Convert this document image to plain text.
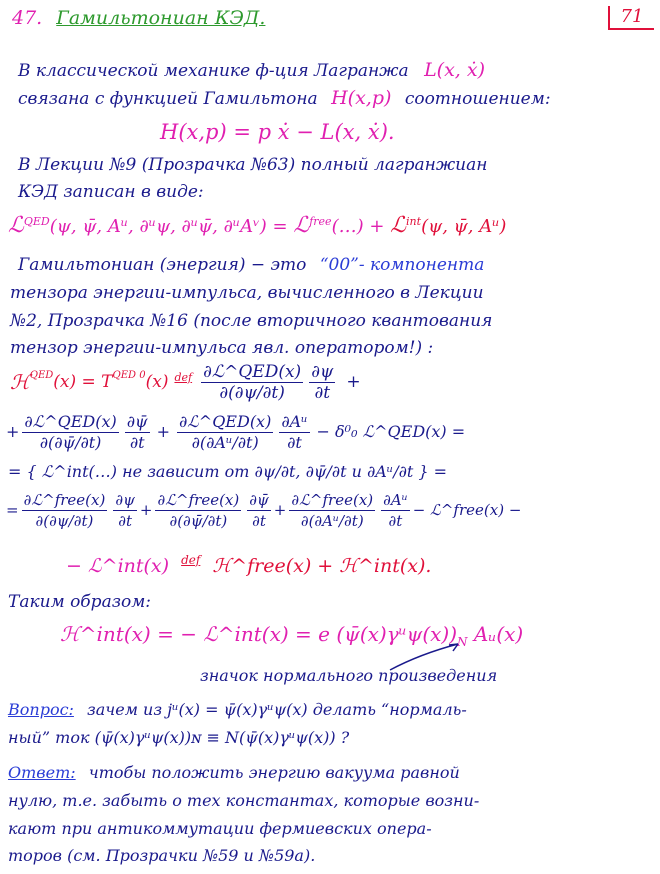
47. Гамильтониан КЭД.	71
В классической механике ф-ция Лагранжа L(x, ẋ)
связана с функцией Гамильтона H(x,p) соотношением:
H(x,p) = p ẋ − L(x, ẋ).
В Лекции №9 (Прозрачка №63) полный лагранжиан
КЭД записан в виде:
ℒ$^{QED}$(ψ, ψ̄, Aᵘ, ∂ᵘψ, ∂ᵘψ̄, ∂ᵘAᵛ) = ℒ$^{free}$(…) + ℒ$^{int}$(ψ, ψ̄, Aᵘ)
Гамильтониан (энергия) − это “00”- компонента
тензора энергии-импульса, вычисленного в Лекции
№2, Прозрачка №16 (после вторичного квантования
тензор энергии-импульса явл. оператором!) :
ℋ$^{QED}$ $(x) = T^{QED 0}$ (x) def $\frac{\text{∂ℒ\textasciicircum{}QED(x)}}{\partial(\partial\psi/\partial t)} \frac{\partial\psi}{\partial t}$ +
+ $\frac{\text{∂ℒ\textasciicircum{}QED(x)}}{\partial(\partial\psī/\partial t)} \frac{\partial\psī}{\partial t} + \frac{\text{∂ℒ\textasciicircum{}QED(x)}}{\text{∂(∂Aᵘ/∂t)}} \frac{\text{∂Aᵘ}}{\partial t} - \delta^0_0$ ℒ^QED(x) =
= { ℒ^int(…) не зависит от ∂ψ/∂t, ∂ψ̄/∂t и ∂Aᵘ/∂t } =
= $\frac{\text{∂ℒ\textasciicircum{}free(x)}}{\partial(\partial\psi/\partial t)} \frac{\partial\psi}{\partial t} + \frac{\text{∂ℒ\textasciicircum{}free(x)}}{\partial(\partial\psī/\partial t)} \frac{\partial\psī}{\partial t} + \frac{\text{∂ℒ\textasciicircum{}free(x)}}{\text{∂(∂Aᵘ/∂t)}} \frac{\text{∂Aᵘ}}{\partial t}$ − ℒ^free(x) −
− ℒ^int(x) $^{def}$ ℋ^free(x) + ℋ^int(x).
Таким образом:
ℋ^int(x) = − ℒ^int(x) = e $(\psī(x)\gamma ᵘ\psi(x))_N$ Aᵤ(x)
значок нормального произведения
Вопрос: зачем из jᵘ(x) = ψ̄(x)γᵘψ(x) делать “нормаль-
ный” ток (ψ̄(x)γᵘψ(x))ɴ ≡ N(ψ̄(x)γᵘψ(x)) ?
Ответ: чтобы положить энергию вакуума равной
нулю, т.е. забыть о тех константах, которые возни-
кают при антикоммутации фермиевских опера-
торов (см. Прозрачки №59 и №59а).
